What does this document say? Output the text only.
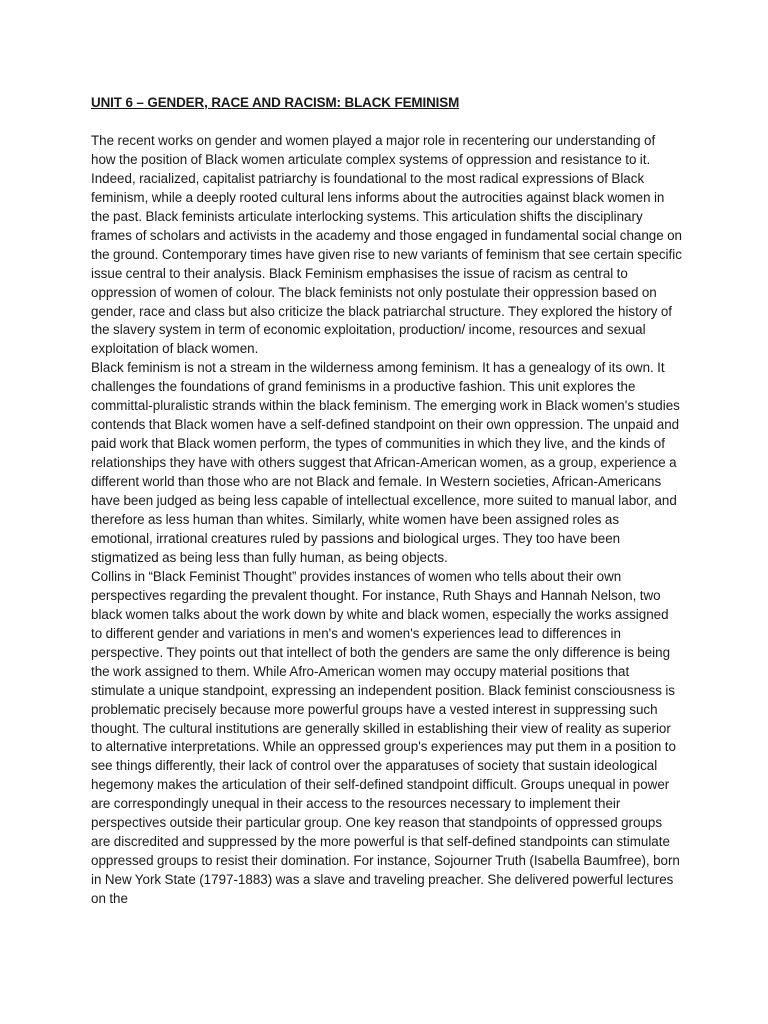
UNIT 6 – GENDER, RACE AND RACISM: BLACK FEMINISM

The recent works on gender and women played a major role in recentering our understanding of how the position of Black women articulate complex systems of oppression and resistance to it. Indeed, racialized, capitalist patriarchy is foundational to the most radical expressions of Black feminism, while a deeply rooted cultural lens informs about the autrocities against black women in the past. Black feminists articulate interlocking systems. This articulation shifts the disciplinary frames of scholars and activists in the academy and those engaged in fundamental social change on the ground. Contemporary times have given rise to new variants of feminism that see certain specific issue central to their analysis. Black Feminism emphasises the issue of racism as central to oppression of women of colour. The black feminists not only postulate their oppression based on gender, race and class but also criticize the black patriarchal structure. They explored the history of the slavery system in term of economic exploitation, production/ income, resources and sexual exploitation of black women.

Black feminism is not a stream in the wilderness among feminism. It has a genealogy of its own. It challenges the foundations of grand feminisms in a productive fashion. This unit explores the committal-pluralistic strands within the black feminism. The emerging work in Black women's studies contends that Black women have a self-defined standpoint on their own oppression. The unpaid and paid work that Black women perform, the types of communities in which they live, and the kinds of relationships they have with others suggest that African-American women, as a group, experience a different world than those who are not Black and female. In Western societies, African-Americans have been judged as being less capable of intellectual excellence, more suited to manual labor, and therefore as less human than whites. Similarly, white women have been assigned roles as emotional, irrational creatures ruled by passions and biological urges. They too have been stigmatized as being less than fully human, as being objects.

Collins in “Black Feminist Thought” provides instances of women who tells about their own perspectives regarding the prevalent thought. For instance, Ruth Shays and Hannah Nelson, two black women talks about the work down by white and black women, especially the works assigned to different gender and variations in men's and women's experiences lead to differences in perspective. They points out that intellect of both the genders are same the only difference is being the work assigned to them. While Afro-American women may occupy material positions that stimulate a unique standpoint, expressing an independent position. Black feminist consciousness is problematic precisely because more powerful groups have a vested interest in suppressing such thought. The cultural institutions are generally skilled in establishing their view of reality as superior to alternative interpretations. While an oppressed group's experiences may put them in a position to see things differently, their lack of control over the apparatuses of society that sustain ideological hegemony makes the articulation of their self-defined standpoint difficult. Groups unequal in power are correspondingly unequal in their access to the resources necessary to implement their perspectives outside their particular group. One key reason that standpoints of oppressed groups are discredited and suppressed by the more powerful is that self-defined standpoints can stimulate oppressed groups to resist their domination. For instance, Sojourner Truth (Isabella Baumfree), born in New York State (1797-1883) was a slave and traveling preacher. She delivered powerful lectures on the
